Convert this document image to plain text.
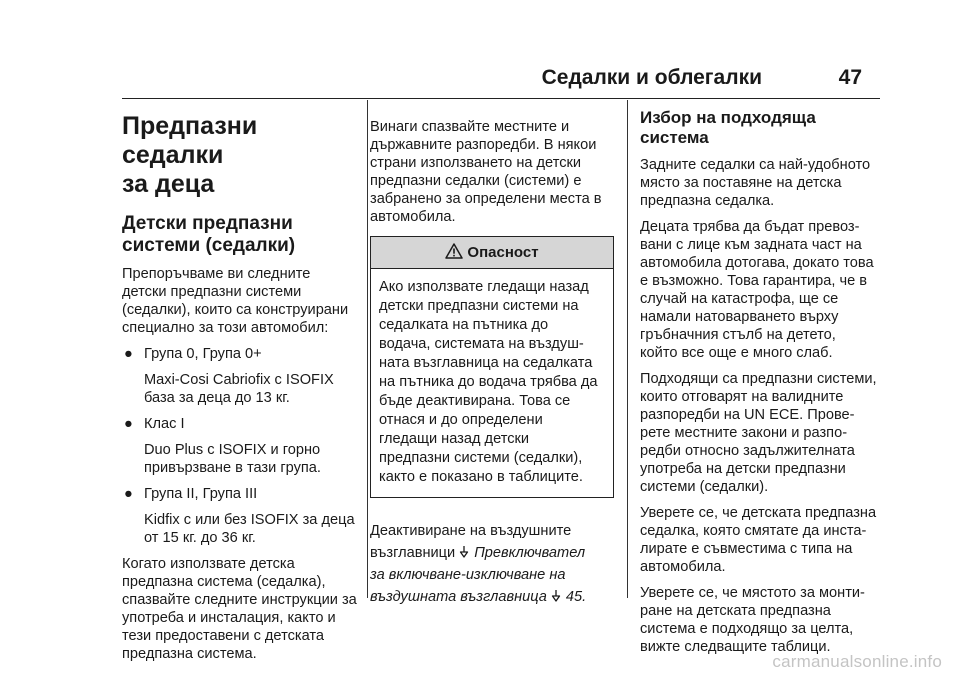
Седалки и облегалки	47

Предпазни седалки
за деца

Детски предпазни
системи (седалки)

Препоръчваме ви следните
детски предпазни системи
(седалки), които са конструирани
специално за този автомобил:

● Група 0, Група 0+

Maxi-Cosi Cabriofix с ISOFIX
база за деца до 13 кг.

● Клас I

Duo Plus с ISOFIX и горно
привързване в тази група.

● Група II, Група III

Kidfix с или без ISOFIX за деца
от 15 кг. до 36 кг.

Когато използвате детска
предпазна система (седалка),
спазвайте следните инструкции за
употреба и инсталация, както и
тези предоставени с детската
предпазна система.

Винаги спазвайте местните и
държавните разпоредби. В някои
страни използването на детски
предпазни седалки (системи) е
забранено за определени места в
автомобила.

Опасност
Ако използвате гледащи назад
детски предпазни системи на
седалката на пътника до
водача, системата на въздуш-
ната възглавница на седалката
на пътника до водача трябва да
бъде деактивирана. Това се
отнася и до определени
гледащи назад детски
предпазни системи (седалки),
както е показано в таблиците.

Деактивиране на въздушните
възглавници Превключвател
за включване-изключване на
въздушната възглавница 45.

Избор на подходяща система

Задните седалки са най-удобното
място за поставяне на детска
предпазна седалка.

Децата трябва да бъдат превоз-
вани с лице към задната част на
автомобила дотогава, докато това
е възможно. Това гарантира, че в
случай на катастрофа, ще се
намали натоварването върху
гръбначния стълб на детето,
който все още е много слаб.

Подходящи са предпазни системи,
които отговарят на валидните
разпоредби на UN ECE. Прове-
рете местните закони и разпо-
редби относно задължителната
употреба на детски предпазни
системи (седалки).

Уверете се, че детската предпазна
седалка, която смятате да инста-
лирате е съвместима с типа на
автомобила.

Уверете се, че мястото за монти-
ране на детската предпазна
система е подходящо за целта,
вижте следващите таблици.

carmanualsonline.info
